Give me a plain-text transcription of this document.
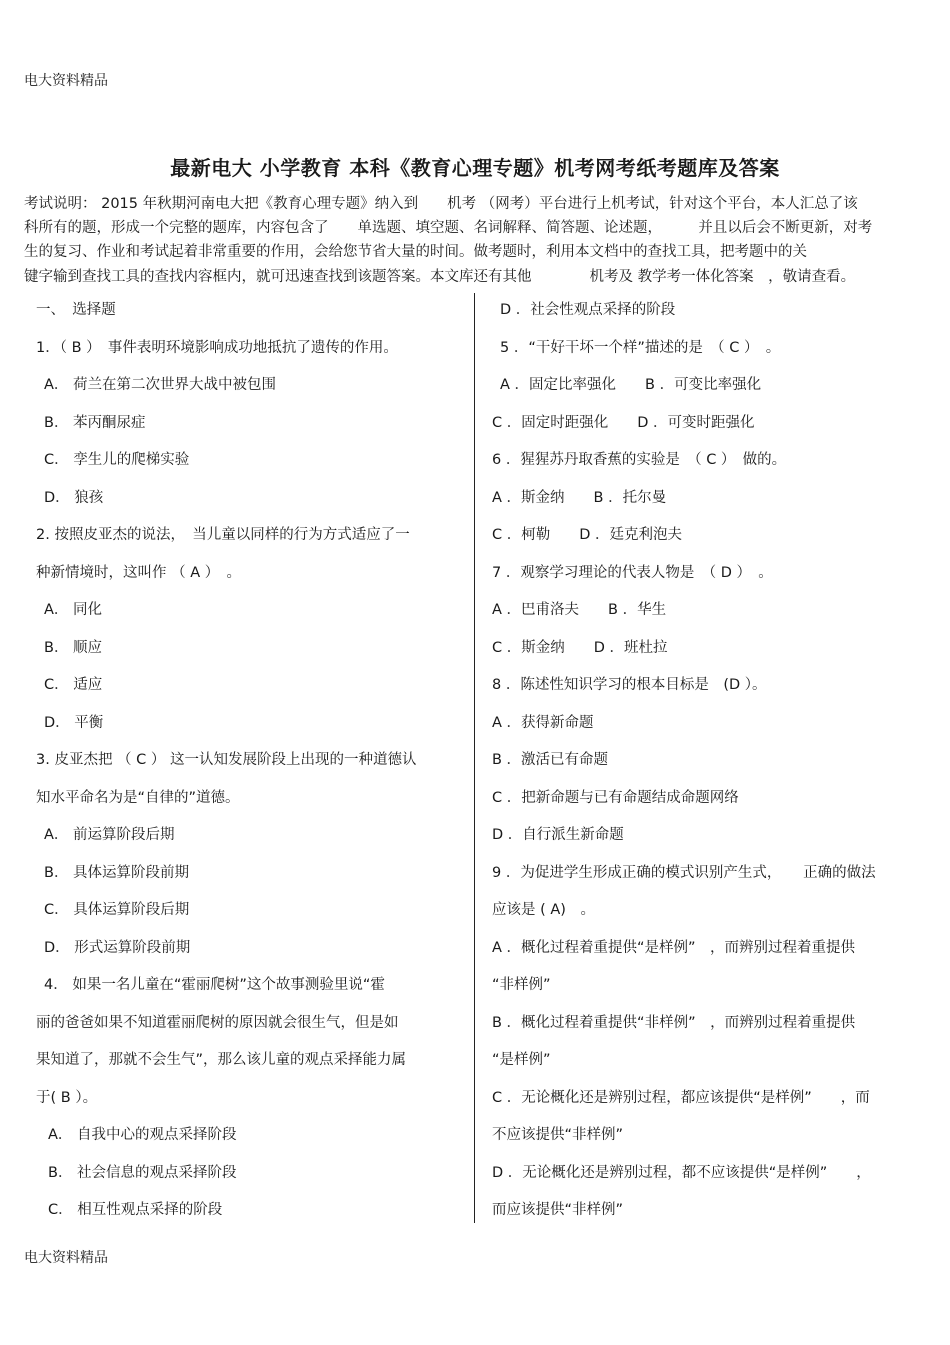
电大资料精品
最新电大 小学教育 本科《教育心理专题》机考网考纸考题库及答案
考试说明： 2015 年秋期河南电大把《教育心理专题》纳入到　　机考 （网考）平台进行上机考试，针对这个平台，本人汇总了该
科所有的题，形成一个完整的题库，内容包含了　　单选题、填空题、名词解释、简答题、论述题，　　　并且以后会不断更新，对考
生的复习、作业和考试起着非常重要的作用，会给您节省大量的时间。做考题时，利用本文档中的查找工具，把考题中的关
键字输到查找工具的查找内容框内，就可迅速查找到该题答案。本文库还有其他　　　　机考及 教学考一体化答案　，敬请查看。
一、　选择题
1．（ B ）　事件表明环境影响成功地抵抗了遗传的作用。
A． 荷兰在第二次世界大战中被包围
B． 苯丙酮尿症
C． 孪生儿的爬梯实验
D． 狼孩
2. 按照皮亚杰的说法，　当儿童以同样的行为方式适应了一
种新情境时，这叫作 （ A ）　。
A． 同化
B． 顺应
C． 适应
D． 平衡
3. 皮亚杰把 （ C ） 这一认知发展阶段上出现的一种道德认
知水平命名为是“自律的”道德。
A． 前运算阶段后期
B． 具体运算阶段前期
C． 具体运算阶段后期
D． 形式运算阶段前期
4． 如果一名儿童在“霍丽爬树”这个故事测验里说“霍
丽的爸爸如果不知道霍丽爬树的原因就会很生气，但是如
果知道了，那就不会生气”，那么该儿童的观点采择能力属
于( B ）。
A． 自我中心的观点采择阶段
B． 社会信息的观点采择阶段
C． 相互性观点采择的阶段
D ．社会性观点采择的阶段
5 ．“干好干坏一个样”描述的是　（ C ）　。
A ．固定比率强化　　B ．可变比率强化
C ．固定时距强化　　D ．可变时距强化
6 ．猩猩苏丹取香蕉的实验是　（ C ）　做的。
A ．斯金纳　　B ．托尔曼
C ．柯勒　　D ．廷克利泡夫
7 ．观察学习理论的代表人物是　（ D ）　。
A ．巴甫洛夫　　B ．华生
C ．斯金纳　　D ．班杜拉
8 ．陈述性知识学习的根本目标是　(D ）。
A ．获得新命题
B ．激活已有命题
C ．把新命题与已有命题结成命题网络
D ．自行派生新命题
9 ．为促进学生形成正确的模式识别产生式，　　正确的做法
应该是 ( A)　。
A ．概化过程着重提供“是样例”　，而辨别过程着重提供
“非样例”
B ．概化过程着重提供“非样例”　，而辨别过程着重提供
“是样例”
C ．无论概化还是辨别过程，都应该提供“是样例”　　，而
不应该提供“非样例”
D ．无论概化还是辨别过程，都不应该提供“是样例”　　，
而应该提供“非样例”
电大资料精品
